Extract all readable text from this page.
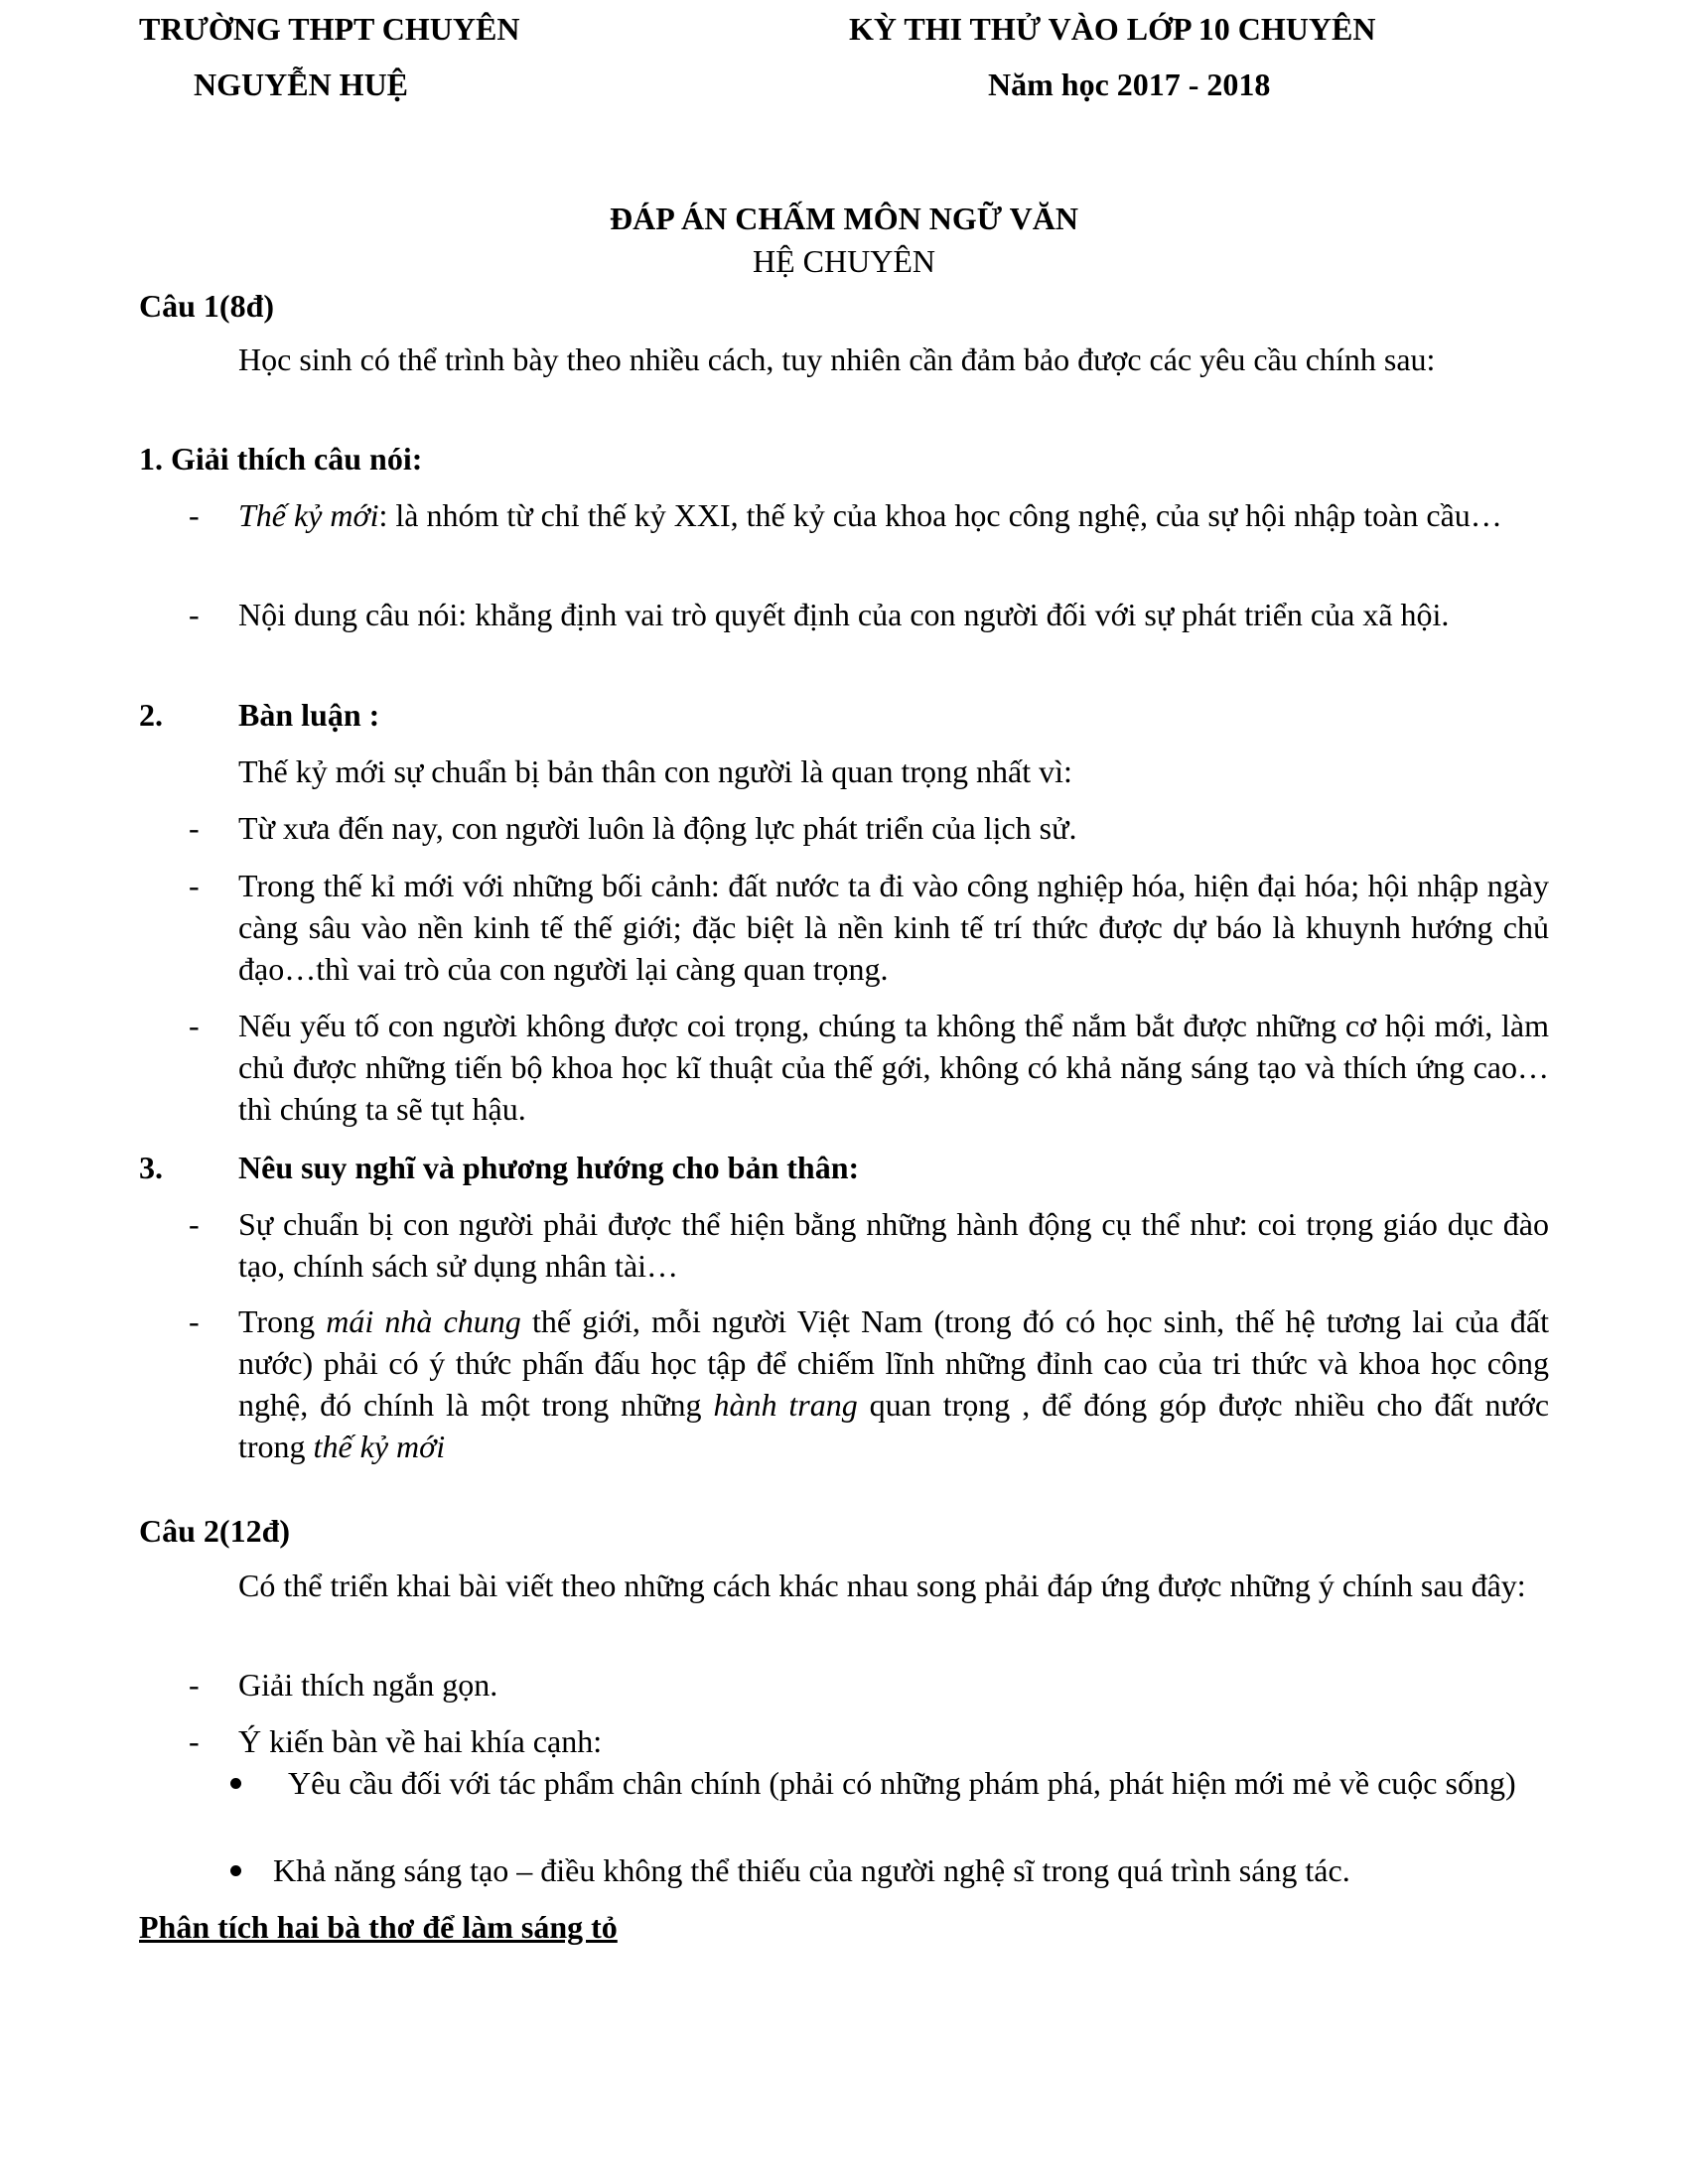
TRƯỜNG THPT CHUYÊN
NGUYỄN HUỆ
KỲ THI THỬ VÀO LỚP 10 CHUYÊN
Năm học 2017 - 2018
ĐÁP ÁN CHẤM MÔN NGỮ VĂN
HỆ CHUYÊN
Câu 1(8đ)
Học sinh có thể trình bày theo nhiều cách, tuy nhiên cần đảm bảo được các yêu cầu chính sau:
1. Giải thích câu nói:
- Thế kỷ mới: là nhóm từ chỉ thế kỷ XXI, thế kỷ của khoa học công nghệ, của sự hội nhập toàn cầu…
- Nội dung câu nói: khẳng định vai trò quyết định của con người đối với sự phát triển của xã hội.
2. Bàn luận :
Thế kỷ mới sự chuẩn bị bản thân con người là quan trọng nhất vì:
- Từ xưa đến nay, con người luôn là động lực phát triển của lịch sử.
- Trong thế kỉ mới với những bối cảnh: đất nước ta đi vào công nghiệp hóa, hiện đại hóa; hội nhập ngày càng sâu vào nền kinh tế thế giới; đặc biệt là nền kinh tế trí thức được dự báo là khuynh hướng chủ đạo…thì vai trò của con người lại càng quan trọng.
- Nếu yếu tố con người không được coi trọng, chúng ta không thể nắm bắt được những cơ hội mới, làm chủ được những tiến bộ khoa học kĩ thuật của thế gới, không có khả năng sáng tạo và thích ứng cao…thì chúng ta sẽ tụt hậu.
3. Nêu suy nghĩ và phương hướng cho bản thân:
- Sự chuẩn bị con người phải được thể hiện bằng những hành động cụ thể như: coi trọng giáo dục đào tạo, chính sách sử dụng nhân tài…
- Trong mái nhà chung thế giới, mỗi người Việt Nam (trong đó có học sinh, thế hệ tương lai của đất nước) phải có ý thức phấn đấu học tập để chiếm lĩnh những đỉnh cao của tri thức và khoa học công nghệ, đó chính là một trong những hành trang quan trọng , để đóng góp được nhiều cho đất nước trong thế kỷ mới
Câu 2(12đ)
Có thể triển khai bài viết theo những cách khác nhau song phải đáp ứng được những ý chính sau đây:
- Giải thích ngắn gọn.
- Ý kiến bàn về hai khía cạnh:
Yêu cầu đối với tác phẩm chân chính (phải có những phám phá, phát hiện mới mẻ về cuộc sống)
Khả năng sáng tạo – điều không thể thiếu của người nghệ sĩ trong quá trình sáng tác.
Phân tích hai bà thơ để làm sáng tỏ
